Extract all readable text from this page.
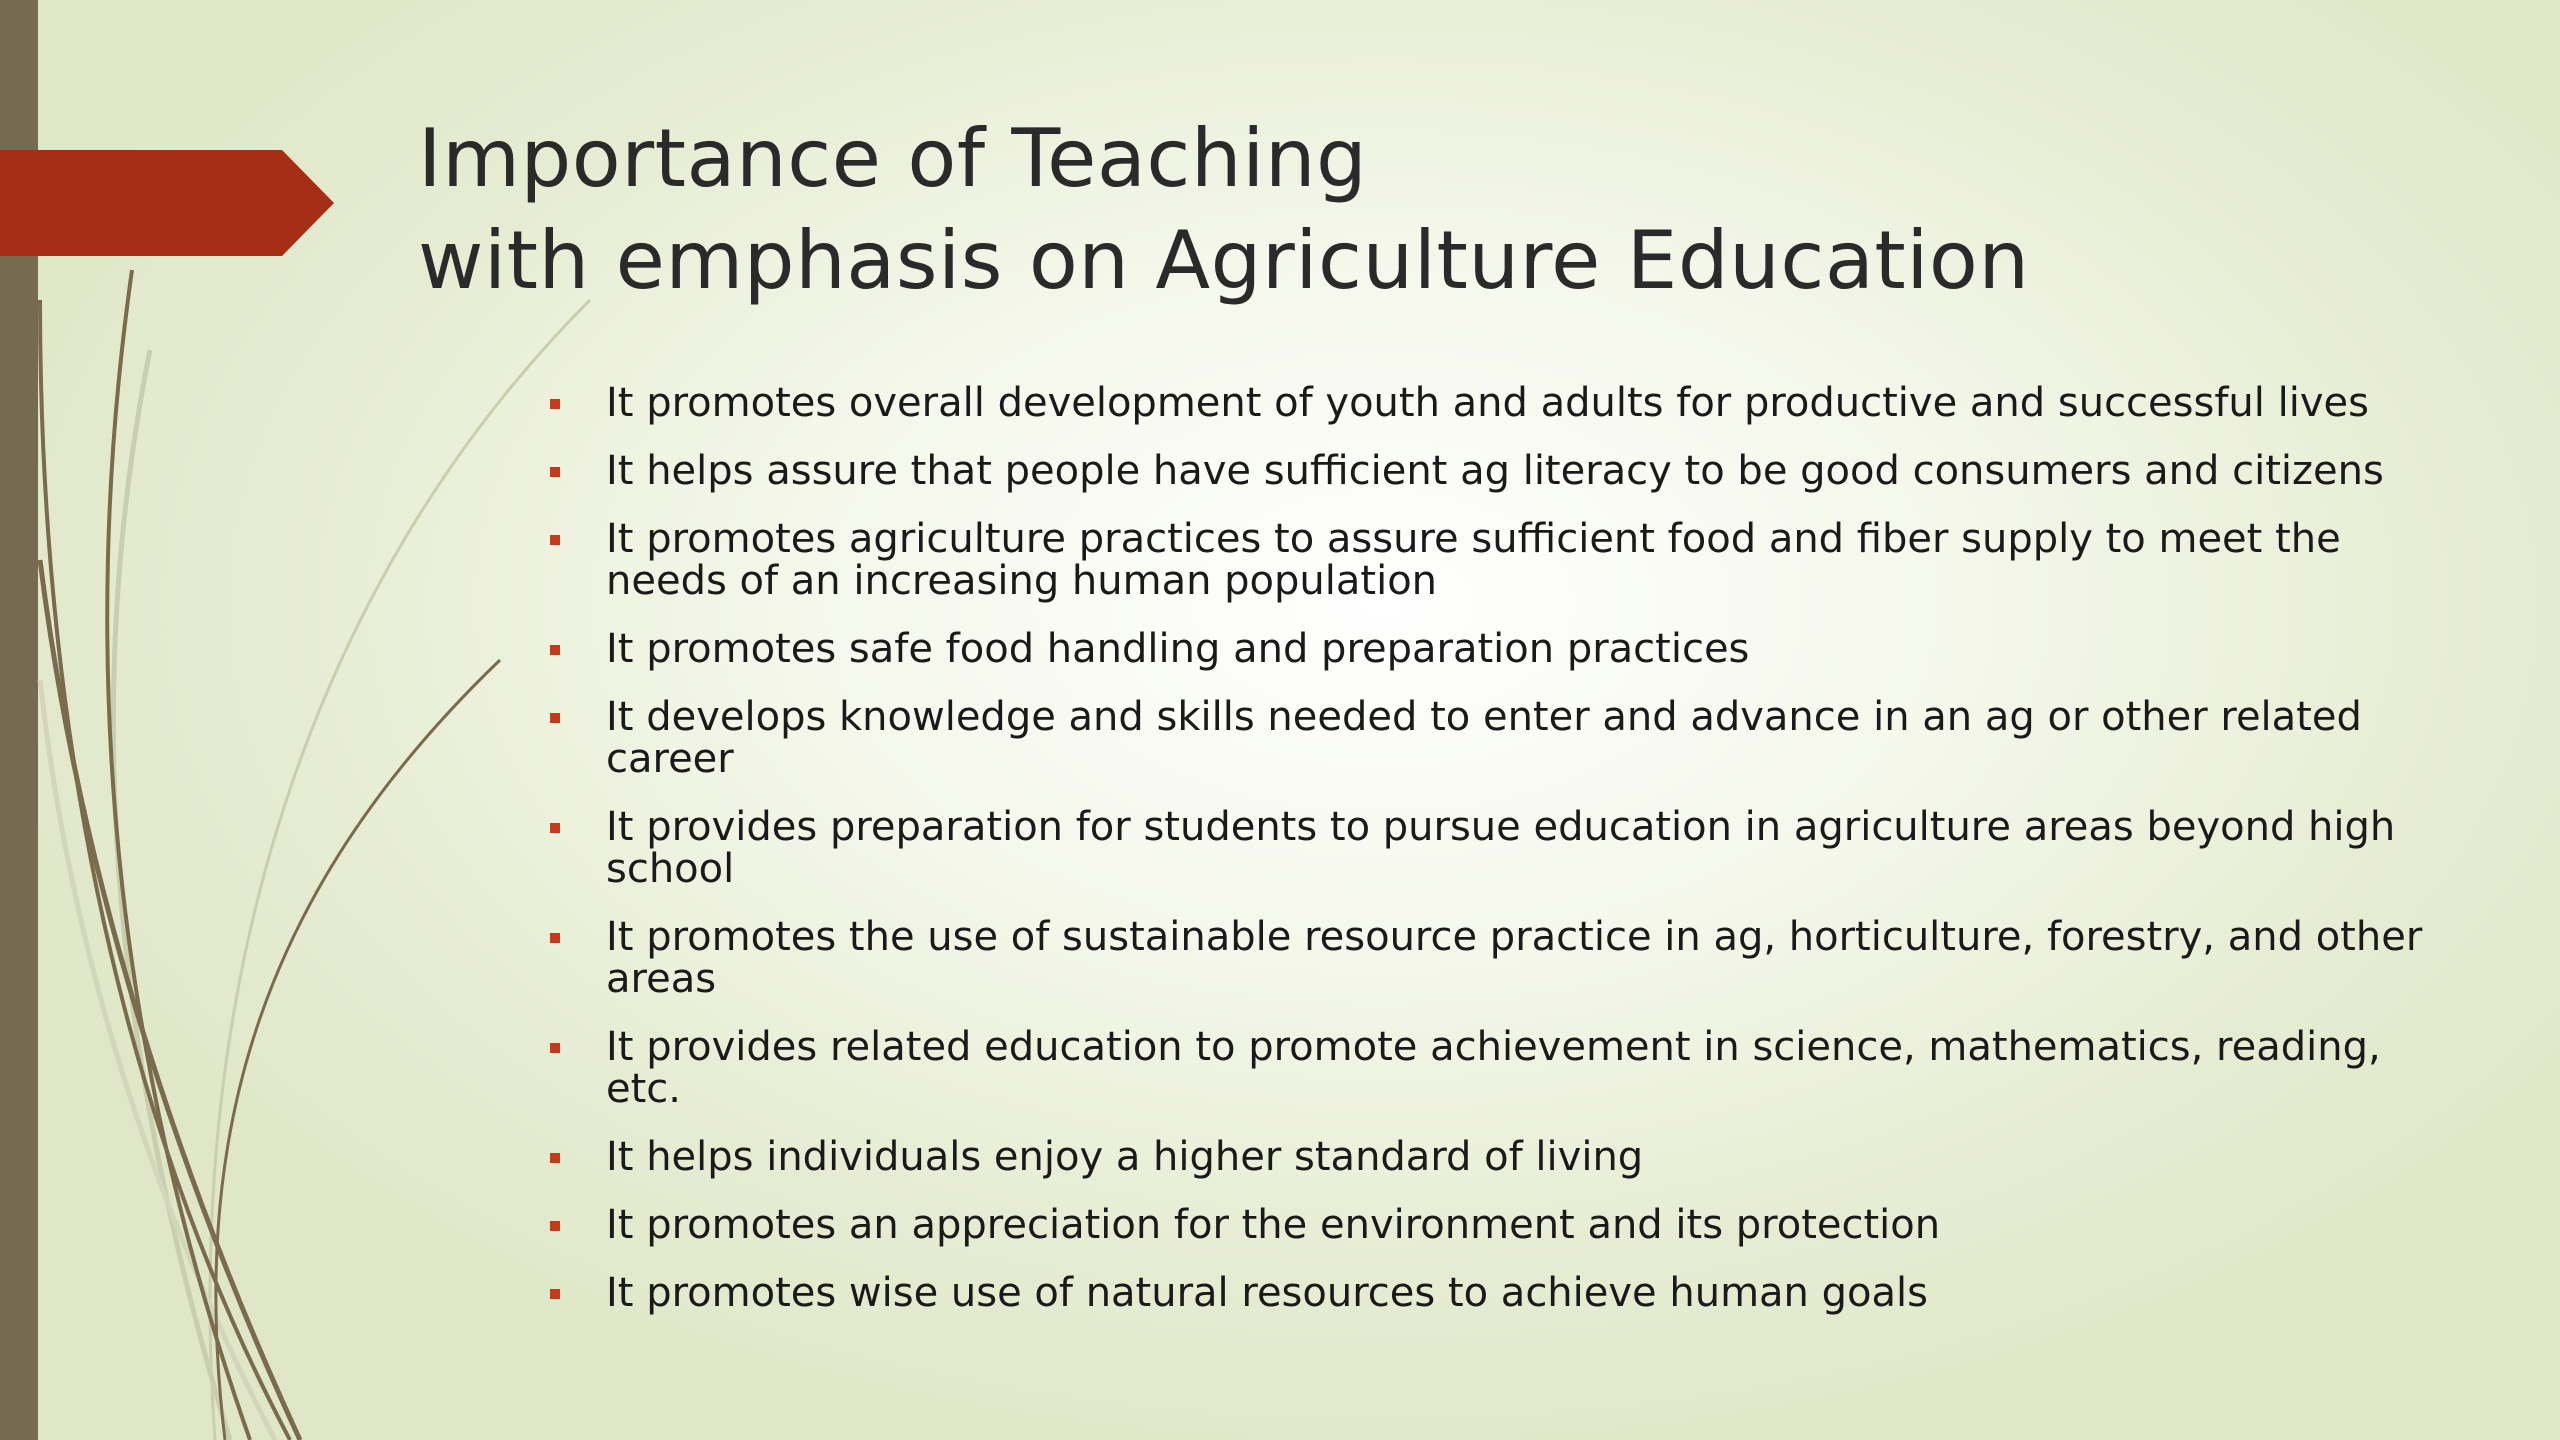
Importance of Teaching
with emphasis on Agriculture Education
It promotes overall development of youth and adults for productive and successful lives
It helps assure that people have sufficient ag literacy to be good consumers and citizens
It promotes agriculture practices to assure sufficient food and fiber supply to meet the needs of an increasing human population
It promotes safe food handling and preparation practices
It develops knowledge and skills needed to enter and advance in an ag or other related career
It provides preparation for students to pursue education in agriculture areas beyond high school
It promotes the use of sustainable resource practice in ag, horticulture, forestry, and other areas
It provides related education to promote achievement in science, mathematics, reading, etc.
It helps individuals enjoy a higher standard of living
It promotes an appreciation for the environment and its protection
It promotes wise use of natural resources to achieve human goals
